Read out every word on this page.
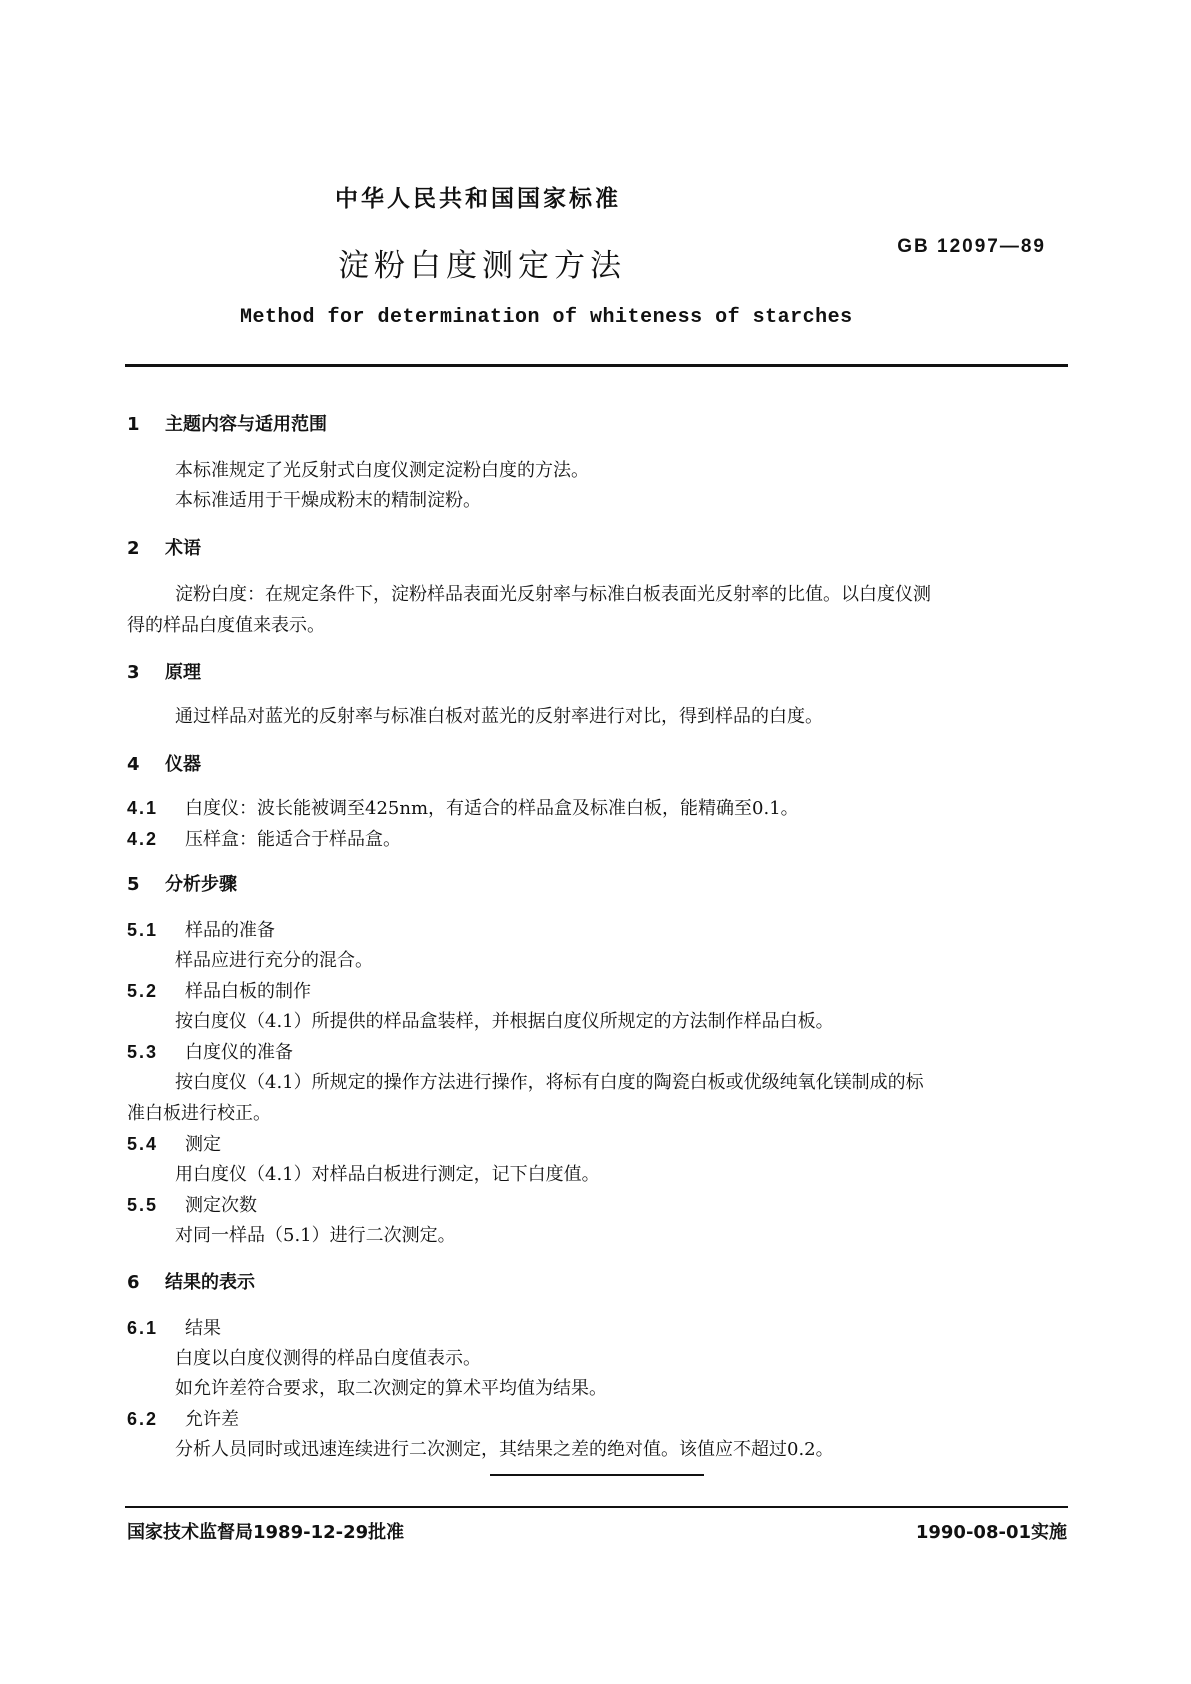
中华人民共和国国家标准
淀粉白度测定方法
GB 12097—89
Method for determination of whiteness of starches
1 主题内容与适用范围
本标准规定了光反射式白度仪测定淀粉白度的方法。
本标准适用于干燥成粉末的精制淀粉。
2 术语
淀粉白度：在规定条件下，淀粉样品表面光反射率与标准白板表面光反射率的比值。以白度仪测
得的样品白度值来表示。
3 原理
通过样品对蓝光的反射率与标准白板对蓝光的反射率进行对比，得到样品的白度。
4 仪器
4.1 白度仪：波长能被调至425nm，有适合的样品盒及标准白板，能精确至0.1。
4.2 压样盒：能适合于样品盒。
5 分析步骤
5.1 样品的准备
样品应进行充分的混合。
5.2 样品白板的制作
按白度仪（4.1）所提供的样品盒装样，并根据白度仪所规定的方法制作样品白板。
5.3 白度仪的准备
按白度仪（4.1）所规定的操作方法进行操作，将标有白度的陶瓷白板或优级纯氧化镁制成的标
准白板进行校正。
5.4 测定
用白度仪（4.1）对样品白板进行测定，记下白度值。
5.5 测定次数
对同一样品（5.1）进行二次测定。
6 结果的表示
6.1 结果
白度以白度仪测得的样品白度值表示。
如允许差符合要求，取二次测定的算术平均值为结果。
6.2 允许差
分析人员同时或迅速连续进行二次测定，其结果之差的绝对值。该值应不超过0.2。
国家技术监督局1989-12-29批准	1990-08-01实施
